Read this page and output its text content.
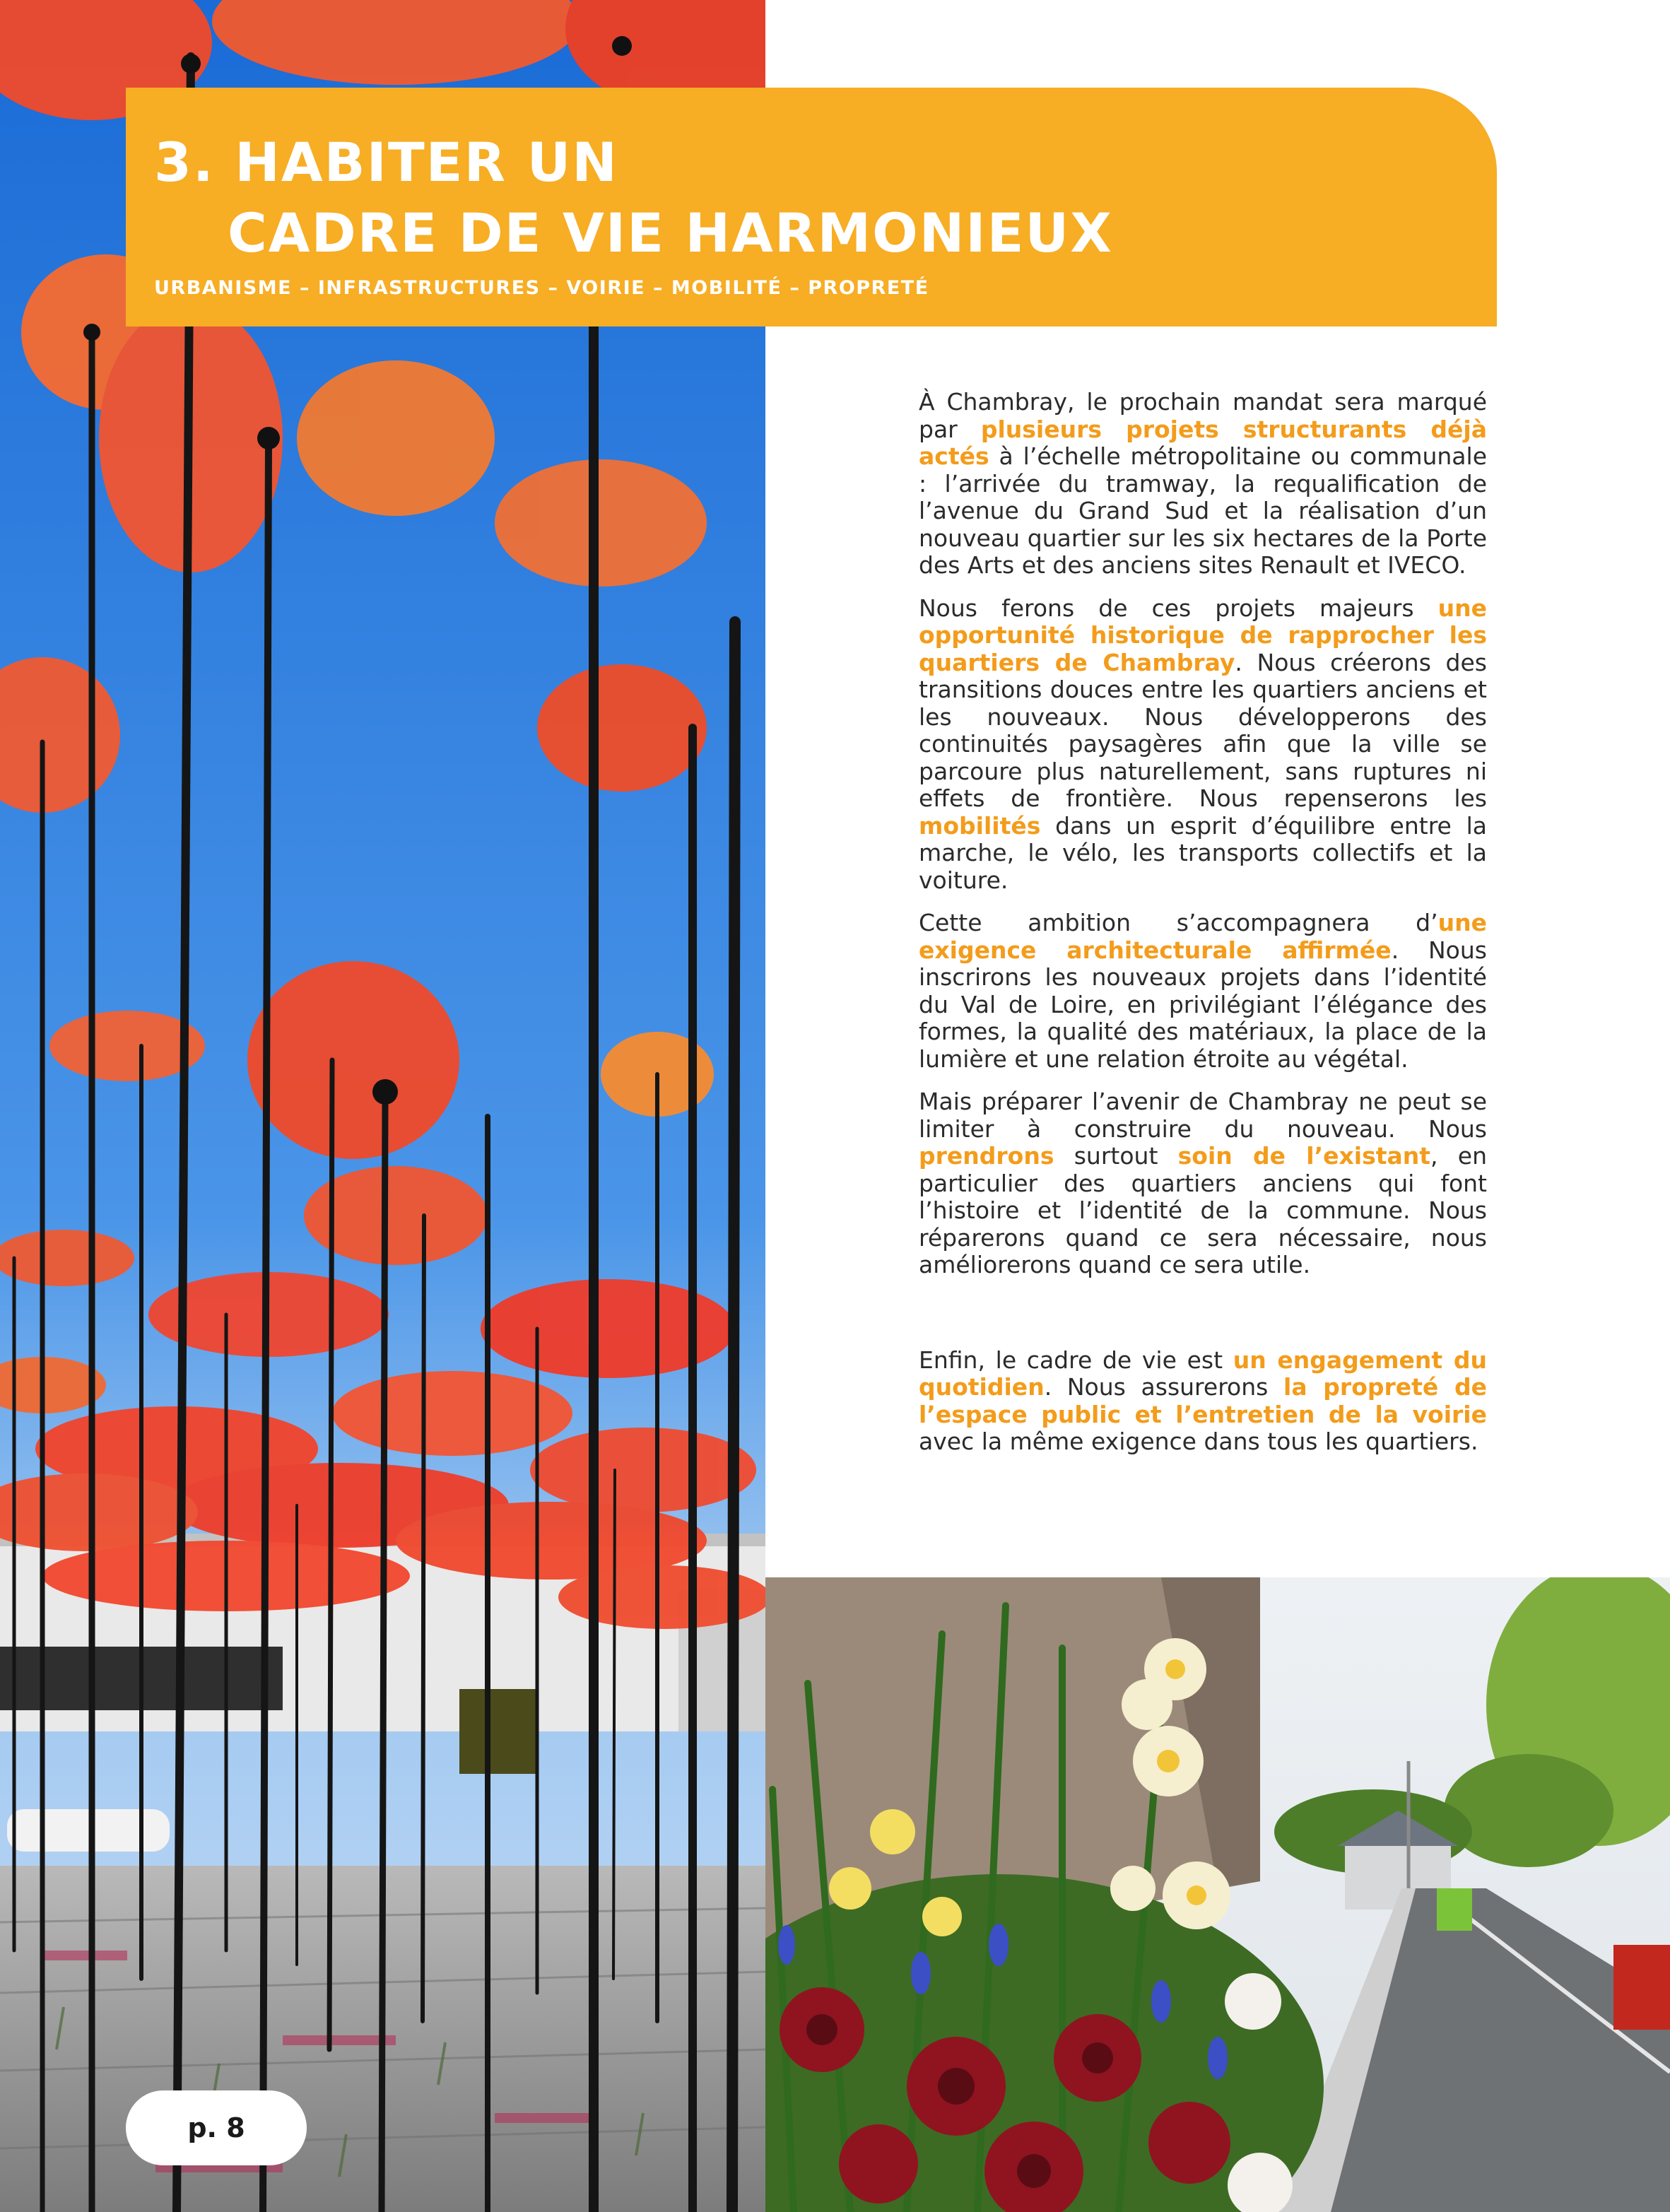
3. HABITER UN
CADRE DE VIE HARMONIEUX
URBANISME – INFRASTRUCTURES – VOIRIE – MOBILITÉ – PROPRETÉ

À Chambray, le prochain mandat sera marqué par plusieurs projets structurants déjà actés à l’échelle métropolitaine ou communale : l’arrivée du tramway, la requalification de l’avenue du Grand Sud et la réalisation d’un nouveau quartier sur les six hectares de la Porte des Arts et des anciens sites Renault et IVECO.

Nous ferons de ces projets majeurs une opportunité historique de rapprocher les quartiers de Chambray. Nous créerons des transitions douces entre les quartiers anciens et les nouveaux. Nous développerons des continuités paysagères afin que la ville se parcoure plus naturellement, sans ruptures ni effets de frontière. Nous repenserons les mobilités dans un esprit d’équilibre entre la marche, le vélo, les transports collectifs et la voiture.

Cette ambition s’accompagnera d’une exigence architecturale affirmée. Nous inscrirons les nouveaux projets dans l’identité du Val de Loire, en privilégiant l’élégance des formes, la qualité des matériaux, la place de la lumière et une relation étroite au végétal.

Mais préparer l’avenir de Chambray ne peut se limiter à construire du nouveau. Nous prendrons surtout soin de l’existant, en particulier des quartiers anciens qui font l’histoire et l’identité de la commune. Nous réparerons quand ce sera nécessaire, nous améliorerons quand ce sera utile.

Enfin, le cadre de vie est un engagement du quotidien. Nous assurerons la propreté de l’espace public et l’entretien de la voirie avec la même exigence dans tous les quartiers.

p. 8
